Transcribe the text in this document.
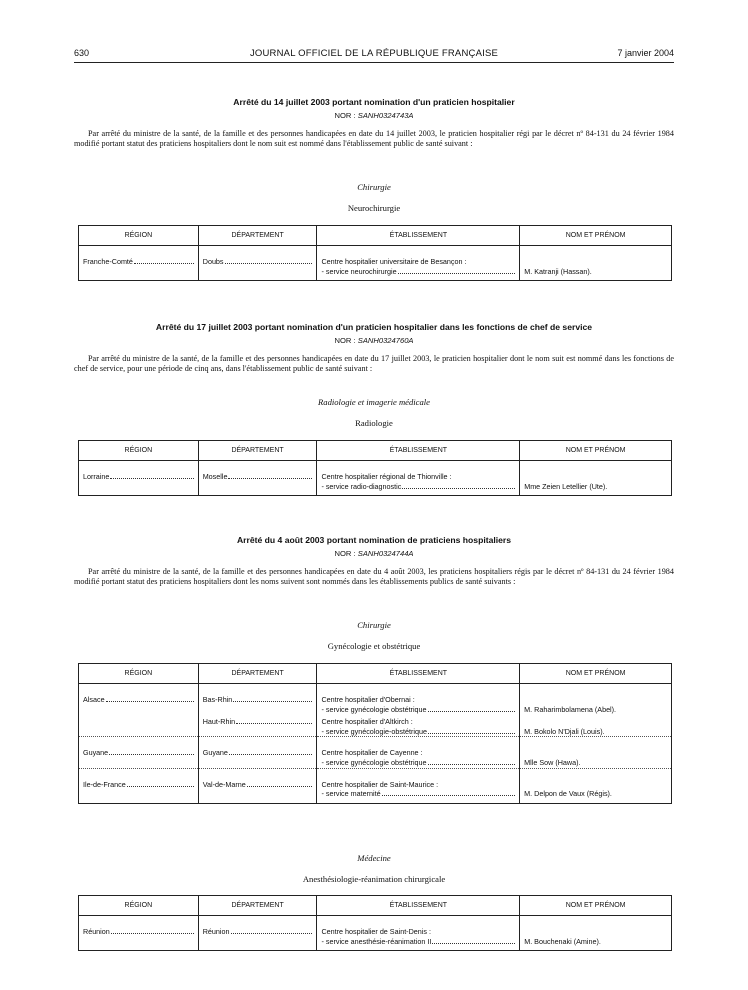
630	JOURNAL OFFICIEL DE LA RÉPUBLIQUE FRANÇAISE	7 janvier 2004
Arrêté du 14 juillet 2003 portant nomination d'un praticien hospitalier
NOR : SANH0324743A
Par arrêté du ministre de la santé, de la famille et des personnes handicapées en date du 14 juillet 2003, le praticien hospitalier régi par le décret nº 84-131 du 24 février 1984 modifié portant statut des praticiens hospitaliers dont le nom suit est nommé dans l'établissement public de santé suivant :
Chirurgie
Neurochirurgie
RÉGION	DÉPARTEMENT	ÉTABLISSEMENT	NOM ET PRÉNOM

Franche-Comté	Doubs	Centre hospitalier universitaire de Besançon :
- service neurochirurgie	M. Katranji (Hassan).
Arrêté du 17 juillet 2003 portant nomination d'un praticien hospitalier dans les fonctions de chef de service
NOR : SANH0324760A
Par arrêté du ministre de la santé, de la famille et des personnes handicapées en date du 17 juillet 2003, le praticien hospitalier dont le nom suit est nommé dans les fonctions de chef de service, pour une période de cinq ans, dans l'établissement public de santé suivant :
Radiologie et imagerie médicale
Radiologie
RÉGION	DÉPARTEMENT	ÉTABLISSEMENT	NOM ET PRÉNOM

Lorraine	Moselle	Centre hospitalier régional de Thionville :
- service radio-diagnostic	Mme Zeien Letellier (Ute).
Arrêté du 4 août 2003 portant nomination de praticiens hospitaliers
NOR : SANH0324744A
Par arrêté du ministre de la santé, de la famille et des personnes handicapées en date du 4 août 2003, les praticiens hospitaliers régis par le décret nº 84-131 du 24 février 1984 modifié portant statut des praticiens hospitaliers dont les noms suivent sont nommés dans les établissements publics de santé suivants :
Chirurgie
Gynécologie et obstétrique
RÉGION	DÉPARTEMENT	ÉTABLISSEMENT	NOM ET PRÉNOM

Alsace	Bas-Rhin	Centre hospitalier d'Obernai :
- service gynécologie obstétrique	M. Raharimbolamena (Abel).

	Haut-Rhin	Centre hospitalier d'Altkirch :
- service gynécologie-obstétrique	M. Bokolo N'Djali (Louis).

Guyane	Guyane	Centre hospitalier de Cayenne :
- service gynécologie obstétrique	Mlle Sow (Hawa).

Ile-de-France	Val-de-Marne	Centre hospitalier de Saint-Maurice :
- service maternité	M. Delpon de Vaux (Régis).
Médecine
Anesthésiologie-réanimation chirurgicale
RÉGION	DÉPARTEMENT	ÉTABLISSEMENT	NOM ET PRÉNOM

Réunion	Réunion	Centre hospitalier de Saint-Denis :
- service anesthésie-réanimation II	M. Bouchenaki (Amine).
